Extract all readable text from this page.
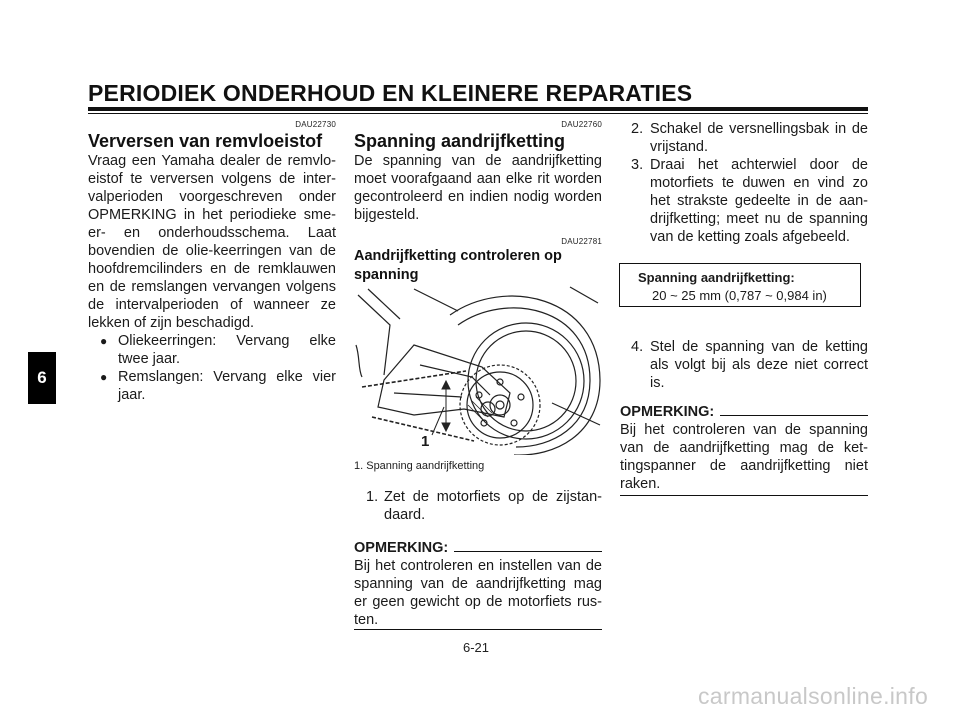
PERIODIEK ONDERHOUD EN KLEINERE REPARATIES
6
DAU22730
Verversen van remvloeistof
Vraag een Yamaha dealer de remvlo-
eistof te verversen volgens de inter-
valperioden voorgeschreven onder
OPMERKING in het periodieke sme-
er- en onderhoudsschema. Laat
bovendien de olie-keerringen van de
hoofdremcilinders en de remklauwen
en de remslangen vervangen volgens
de intervalperioden of wanneer ze
lekken of zijn beschadigd.
● Oliekeerringen: Vervang elke
twee jaar.
● Remslangen: Vervang elke vier
jaar.
DAU22760
Spanning aandrijfketting
De spanning van de aandrijfketting
moet voorafgaand aan elke rit worden
gecontroleerd en indien nodig worden
bijgesteld.
DAU22781
Aandrijfketting controleren op
spanning
1
1. Spanning aandrijfketting
1. Zet de motorfiets op de zijstan-
daard.
OPMERKING:
Bij het controleren en instellen van de
spanning van de aandrijfketting mag
er geen gewicht op de motorfiets rus-
ten.
2. Schakel de versnellingsbak in de
vrijstand.
3. Draai het achterwiel door de
motorfiets te duwen en vind zo
het strakste gedeelte in de aan-
drijfketting; meet nu de spanning
van de ketting zoals afgebeeld.
Spanning aandrijfketting:
20 ~ 25 mm (0,787 ~ 0,984 in)
4. Stel de spanning van de ketting
als volgt bij als deze niet correct
is.
OPMERKING:
Bij het controleren van de spanning
van de aandrijfketting mag de ket-
tingspanner de aandrijfketting niet
raken.
6-21
carmanualsonline.info
